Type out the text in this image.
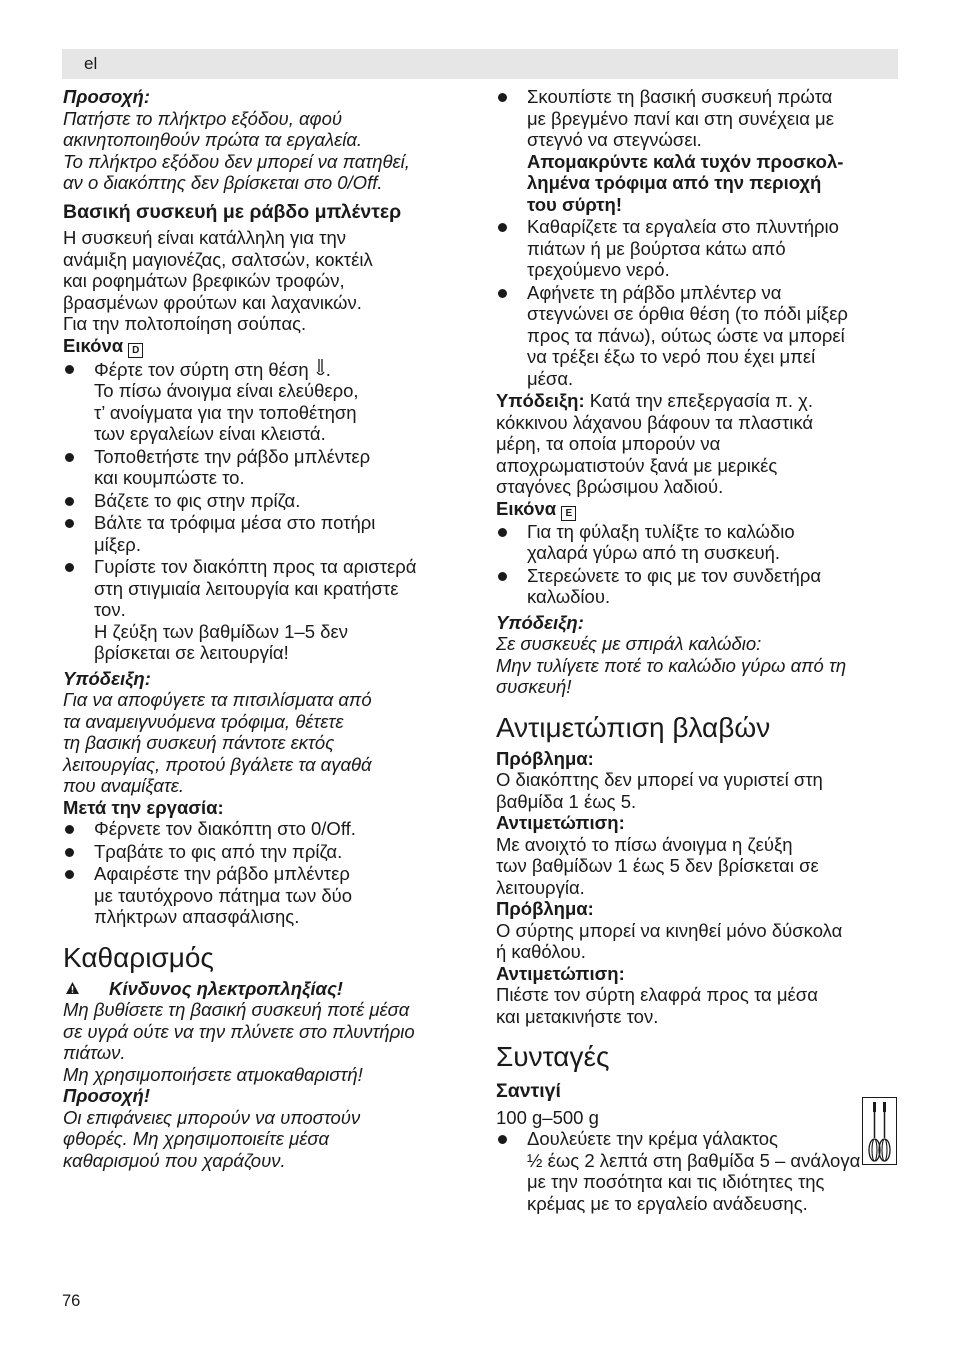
el

Προσοχή:

Πατήστε το πλήκτρο εξόδου, αφού
ακινητοποιηθούν πρώτα τα εργαλεία.
Το πλήκτρο εξόδου δεν μπορεί να πατηθεί,
αν ο διακόπτης δεν βρίσκεται στο 0/Off.
Βασική συσκευή με ράβδο μπλέντερ
Η συσκευή είναι κατάλληλη για την
ανάμιξη μαγιονέζας, σαλτσών, κοκτέιλ
και ροφημάτων βρεφικών τροφών,
βρασμένων φρούτων και λαχανικών.
Για την πολτοποίηση σούπας.
Εικόνα D
Φέρτε τον σύρτη στη θέση .
Το πίσω άνοιγμα είναι ελεύθερο,
τ’ ανοίγματα για την τοποθέτηση
των εργαλείων είναι κλειστά.
Τοποθετήστε την ράβδο μπλέντερ
και κουμπώστε το.
Βάζετε το φις στην πρίζα.
Βάλτε τα τρόφιμα μέσα στο ποτήρι
μίξερ.
Γυρίστε τον διακόπτη προς τα αριστερά
στη στιγμιαία λειτουργία και κρατήστε
τον.
Η ζεύξη των βαθμίδων 1–5 δεν
βρίσκεται σε λειτουργία!

Υπόδειξη:

Για να αποφύγετε τα πιτσιλίσματα από
τα αναμειγνυόμενα τρόφιμα, θέτετε
τη βασική συσκευή πάντοτε εκτός
λειτουργίας, προτού βγάλετε τα αγαθά
που αναμίξατε.

Μετά την εργασία:

Φέρνετε τον διακόπτη στο 0/Off.
Τραβάτε το φις από την πρίζα.
Αφαιρέστε την ράβδο μπλέντερ
με ταυτόχρονο πάτημα των δύο
πλήκτρων απασφάλισης.
Καθαρισμός
Κίνδυνος ηλεκτροπληξίας!
Μη βυθίσετε τη βασική συσκευή ποτέ μέσα
σε υγρά ούτε να την πλύνετε στο πλυντήριο
πιάτων.
Μη χρησιμοποιήσετε ατμοκαθαριστή!

Προσοχή!

Οι επιφάνειες μπορούν να υποστούν
φθορές. Μη χρησιμοποιείτε μέσα
καθαρισμού που χαράζουν.
Σκουπίστε τη βασική συσκευή πρώτα
με βρεγμένο πανί και στη συνέχεια με
στεγνό να στεγνώσει.
Απομακρύντε καλά τυχόν προσκολ-
λημένα τρόφιμα από την περιοχή
του σύρτη!
Καθαρίζετε τα εργαλεία στο πλυντήριο
πιάτων ή με βούρτσα κάτω από
τρεχούμενο νερό.
Αφήνετε τη ράβδο μπλέντερ να
στεγνώνει σε όρθια θέση (το πόδι μίξερ
προς τα πάνω), ούτως ώστε να μπορεί
να τρέξει έξω το νερό που έχει μπεί
μέσα.
Υπόδειξη: Κατά την επεξεργασία π. χ.
κόκκινου λάχανου βάφουν τα πλαστικά
μέρη, τα οποία μπορούν να
αποχρωματιστούν ξανά με μερικές
σταγόνες βρώσιμου λαδιού.
Εικόνα E
Για τη φύλαξη τυλίξτε το καλώδιο
χαλαρά γύρω από τη συσκευή.
Στερεώνετε το φις με τον συνδετήρα
καλωδίου.

Υπόδειξη:

Σε συσκευές με σπιράλ καλώδιο:
Μην τυλίγετε ποτέ το καλώδιο γύρω από τη
συσκευή!
Αντιμετώπιση βλαβών
Πρόβλημα:
Ο διακόπτης δεν μπορεί να γυριστεί στη
βαθμίδα 1 έως 5.
Αντιμετώπιση:
Με ανοιχτό το πίσω άνοιγμα η ζεύξη
των βαθμίδων 1 έως 5 δεν βρίσκεται σε
λειτουργία.
Πρόβλημα:
Ο σύρτης μπορεί να κινηθεί μόνο δύσκολα
ή καθόλου.
Αντιμετώπιση:
Πιέστε τον σύρτη ελαφρά προς τα μέσα
και μετακινήστε τον.
Συνταγές
Σαντιγί
100 g–500 g
Δουλεύετε την κρέμα γάλακτος
½ έως 2 λεπτά στη βαθμίδα 5 – ανάλογα
με την ποσότητα και τις ιδιότητες της
κρέμας με το εργαλείο ανάδευσης.
76
